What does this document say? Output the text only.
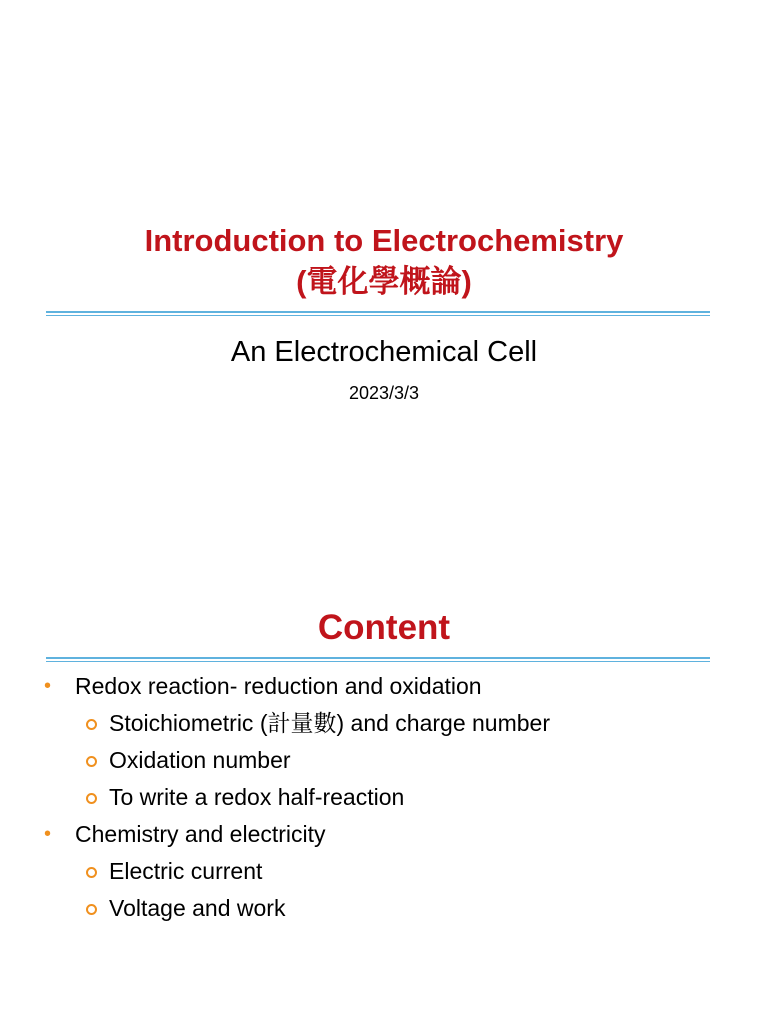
Introduction to Electrochemistry
(電化學概論)
An Electrochemical Cell
2023/3/3
Content
• Redox reaction- reduction and oxidation
Stoichiometric (計量數) and charge number
Oxidation number
To write a redox half-reaction
• Chemistry and electricity
Electric current
Voltage and work
